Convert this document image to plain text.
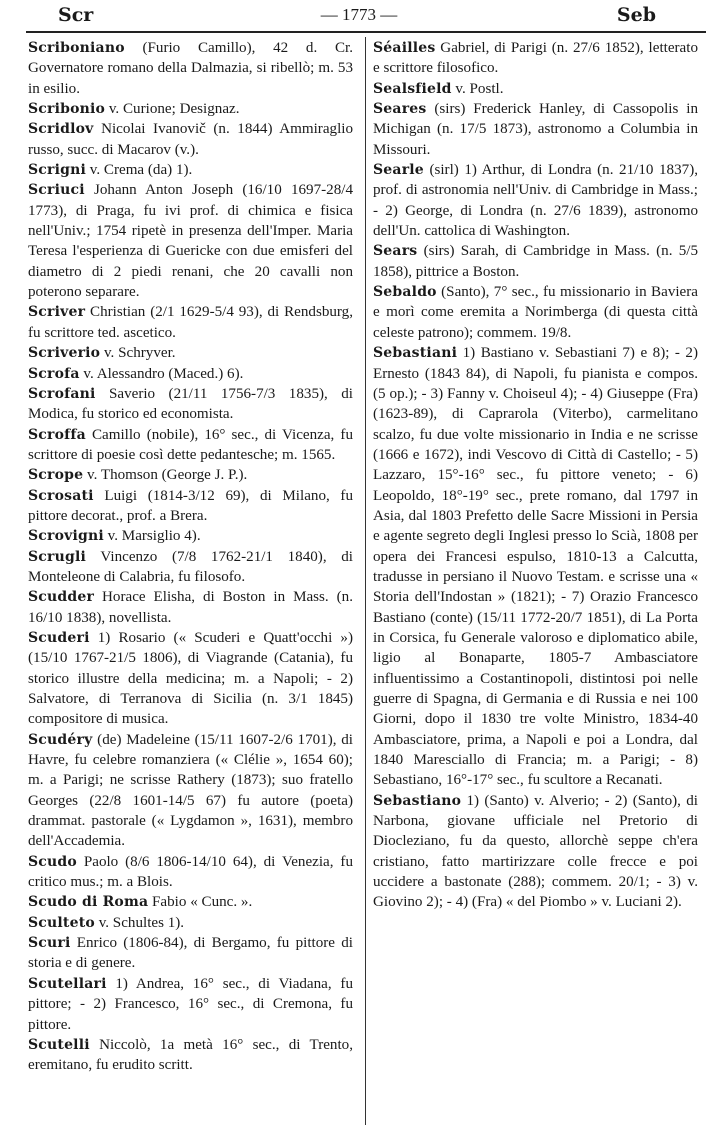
Scr	— 1773 —	Seb

Scriboniano (Furio Camillo), 42 d. Cr. Governatore romano della Dalmazia, si ribellò; m. 53 in esilio.

Scribonio v. Curione; Designaz.

Scridlov Nicolai Ivanovič (n. 1844) Ammiraglio russo, succ. di Macarov (v.).

Scrigni v. Crema (da) 1).

Scriuci Johann Anton Joseph (16/10 1697-28/4 1773), di Praga, fu ivi prof. di chimica e fisica nell'Univ.; 1754 ripetè in presenza dell'Imper. Maria Teresa l'esperienza di Guericke con due emisferi del diametro di 2 piedi renani, che 20 cavalli non poterono separare.

Scriver Christian (2/1 1629-5/4 93), di Rendsburg, fu scrittore ted. ascetico.

Scriverio v. Schryver.

Scrofa v. Alessandro (Maced.) 6).

Scrofani Saverio (21/11 1756-7/3 1835), di Modica, fu storico ed economista.

Scroffa Camillo (nobile), 16° sec., di Vicenza, fu scrittore di poesie così dette pedantesche; m. 1565.

Scrope v. Thomson (George J. P.).

Scrosati Luigi (1814-3/12 69), di Milano, fu pittore decorat., prof. a Brera.

Scrovigni v. Marsiglio 4).

Scrugli Vincenzo (7/8 1762-21/1 1840), di Monteleone di Calabria, fu filosofo.

Scudder Horace Elisha, di Boston in Mass. (n. 16/10 1838), novellista.

Scuderi 1) Rosario (« Scuderi e Quatt'occhi ») (15/10 1767-21/5 1806), di Viagrande (Catania), fu storico illustre della medicina; m. a Napoli; - 2) Salvatore, di Terranova di Sicilia (n. 3/1 1845) compositore di musica.

Scudéry (de) Madeleine (15/11 1607-2/6 1701), di Havre, fu celebre romanziera (« Clélie », 1654 60); m. a Parigi; ne scrisse Rathery (1873); suo fratello Georges (22/8 1601-14/5 67) fu autore (poeta) drammat. pastorale (« Lygdamon », 1631), membro dell'Accademia.

Scudo Paolo (8/6 1806-14/10 64), di Venezia, fu critico mus.; m. a Blois.

Scudo di Roma Fabio « Cunc. ».

Sculteto v. Schultes 1).

Scuri Enrico (1806-84), di Bergamo, fu pittore di storia e di genere.

Scutellari 1) Andrea, 16° sec., di Viadana, fu pittore; - 2) Francesco, 16° sec., di Cremona, fu pittore.

Scutelli Niccolò, 1a metà 16° sec., di Trento, eremitano, fu erudito scritt.

Séailles Gabriel, di Parigi (n. 27/6 1852), letterato e scrittore filosofico.

Sealsfield v. Postl.

Seares (sirs) Frederick Hanley, di Cassopolis in Michigan (n. 17/5 1873), astronomo a Columbia in Missouri.

Searle (sirl) 1) Arthur, di Londra (n. 21/10 1837), prof. di astronomia nell'Univ. di Cambridge in Mass.; - 2) George, di Londra (n. 27/6 1839), astronomo dell'Un. cattolica di Washington.

Sears (sirs) Sarah, di Cambridge in Mass. (n. 5/5 1858), pittrice a Boston.

Sebaldo (Santo), 7° sec., fu missionario in Baviera e morì come eremita a Norimberga (di questa città celeste patrono); commem. 19/8.

Sebastiani 1) Bastiano v. Sebastiani 7) e 8); - 2) Ernesto (1843 84), di Napoli, fu pianista e compos. (5 op.); - 3) Fanny v. Choiseul 4); - 4) Giuseppe (Fra) (1623-89), di Caprarola (Viterbo), carmelitano scalzo, fu due volte missionario in India e ne scrisse (1666 e 1672), indi Vescovo di Città di Castello; - 5) Lazzaro, 15°-16° sec., fu pittore veneto; - 6) Leopoldo, 18°-19° sec., prete romano, dal 1797 in Asia, dal 1803 Prefetto delle Sacre Missioni in Persia e agente segreto degli Inglesi presso lo Scià, 1808 per opera dei Francesi espulso, 1810-13 a Calcutta, tradusse in persiano il Nuovo Testam. e scrisse una « Storia dell'Indostan » (1821); - 7) Orazio Francesco Bastiano (conte) (15/11 1772-20/7 1851), di La Porta in Corsica, fu Generale valoroso e diplomatico abile, ligio al Bonaparte, 1805-7 Ambasciatore influentissimo a Costantinopoli, distintosi poi nelle guerre di Spagna, di Germania e di Russia e nei 100 Giorni, dopo il 1830 tre volte Ministro, 1834-40 Ambasciatore, prima, a Napoli e poi a Londra, dal 1840 Maresciallo di Francia; m. a Parigi; - 8) Sebastiano, 16°-17° sec., fu scultore a Recanati.

Sebastiano 1) (Santo) v. Alverio; - 2) (Santo), di Narbona, giovane ufficiale nel Pretorio di Diocleziano, fu da questo, allorchè seppe ch'era cristiano, fatto martirizzare colle frecce e poi uccidere a bastonate (288); commem. 20/1; - 3) v. Giovino 2); - 4) (Fra) « del Piombo » v. Luciani 2).
